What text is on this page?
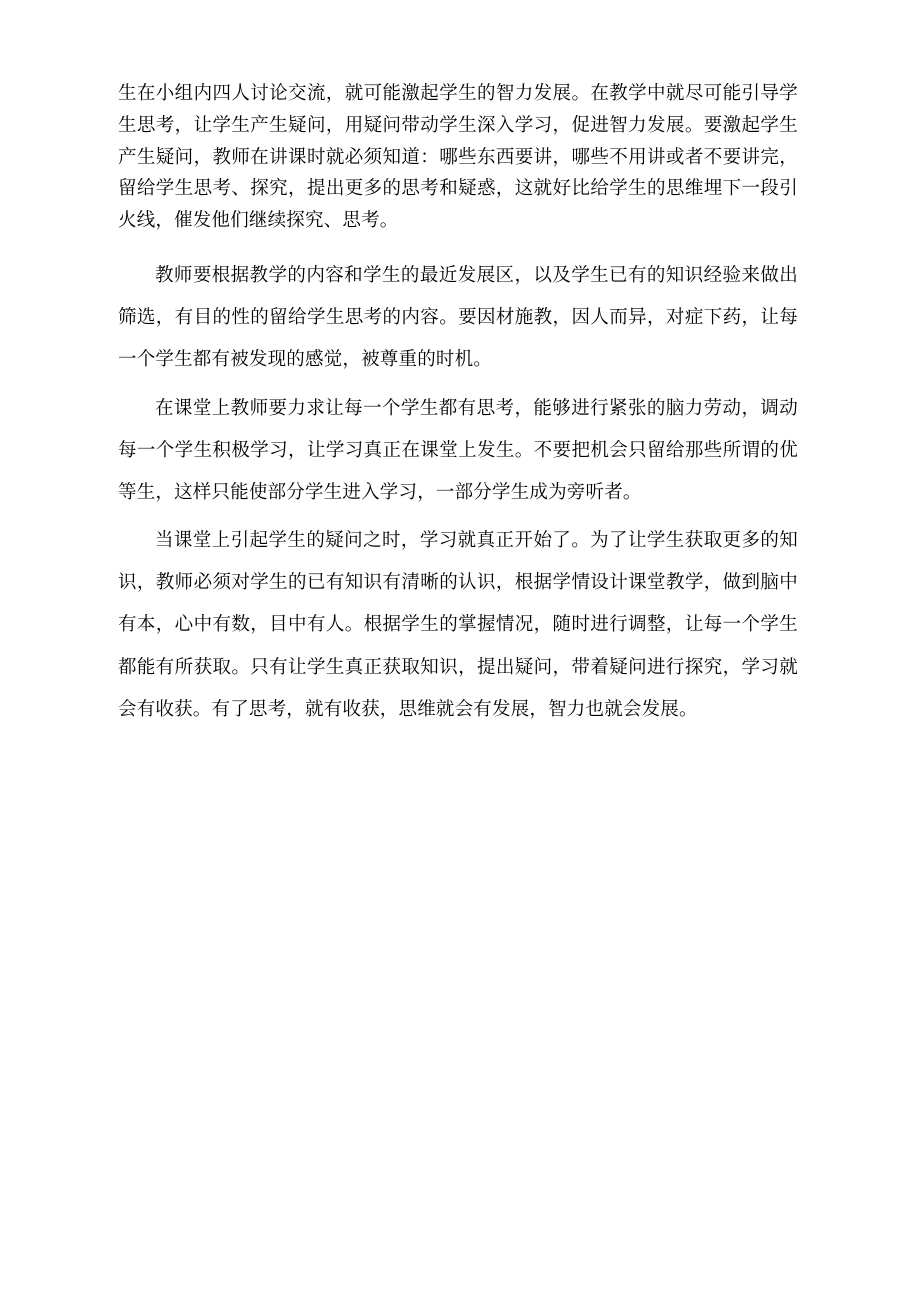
生在小组内四人讨论交流，就可能激起学生的智力发展。在教学中就尽可能引导学生思考，让学生产生疑问，用疑问带动学生深入学习，促进智力发展。要激起学生产生疑问，教师在讲课时就必须知道：哪些东西要讲，哪些不用讲或者不要讲完，留给学生思考、探究，提出更多的思考和疑惑，这就好比给学生的思维埋下一段引火线，催发他们继续探究、思考。

教师要根据教学的内容和学生的最近发展区，以及学生已有的知识经验来做出筛选，有目的性的留给学生思考的内容。要因材施教，因人而异，对症下药，让每一个学生都有被发现的感觉，被尊重的时机。

在课堂上教师要力求让每一个学生都有思考，能够进行紧张的脑力劳动，调动每一个学生积极学习，让学习真正在课堂上发生。不要把机会只留给那些所谓的优等生，这样只能使部分学生进入学习，一部分学生成为旁听者。

当课堂上引起学生的疑问之时，学习就真正开始了。为了让学生获取更多的知识，教师必须对学生的已有知识有清晰的认识，根据学情设计课堂教学，做到脑中有本，心中有数，目中有人。根据学生的掌握情况，随时进行调整，让每一个学生都能有所获取。只有让学生真正获取知识，提出疑问，带着疑问进行探究，学习就会有收获。有了思考，就有收获，思维就会有发展，智力也就会发展。
